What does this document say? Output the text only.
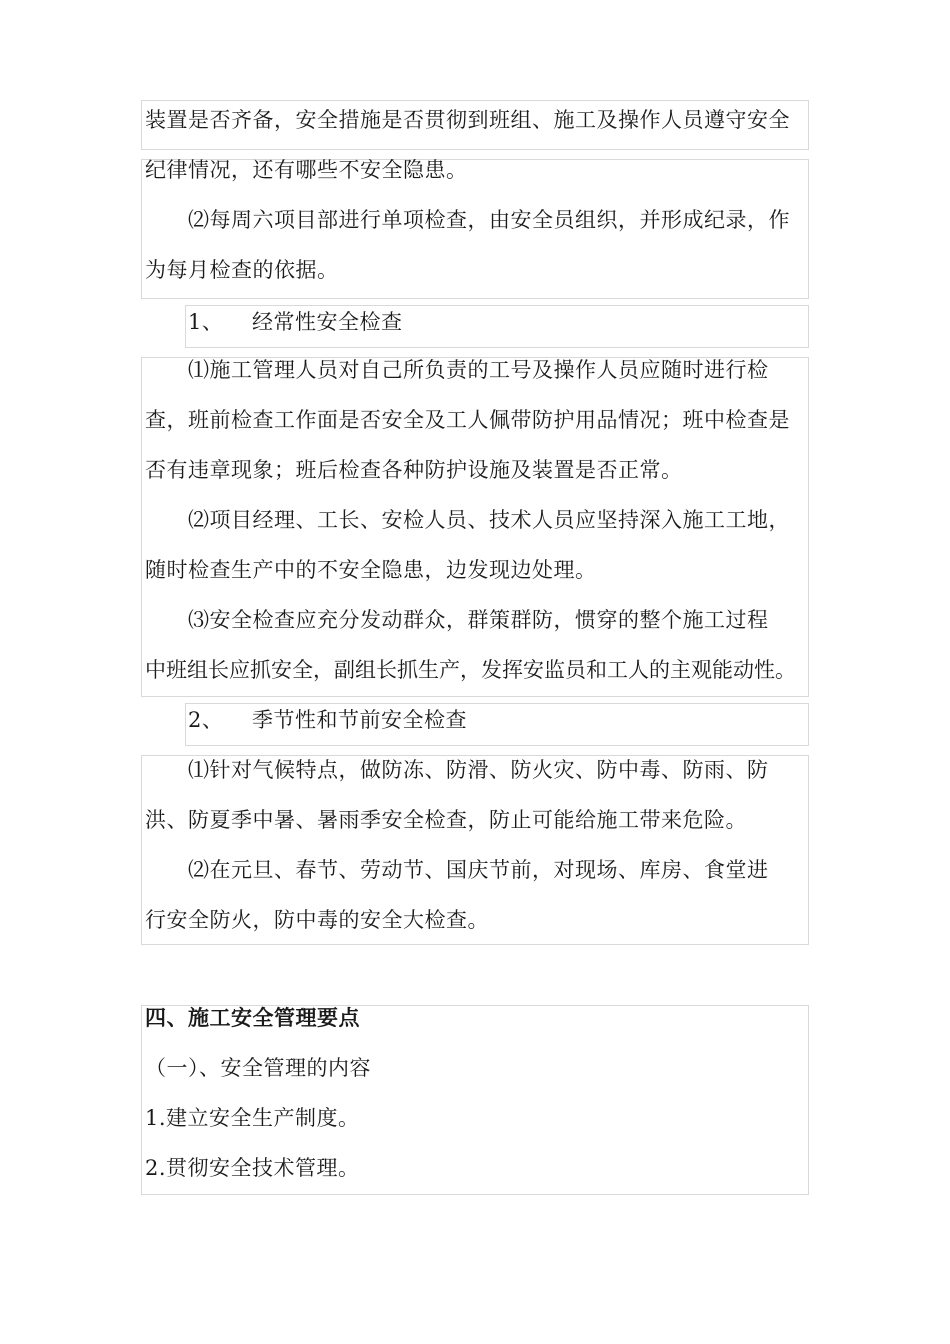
装置是否齐备，安全措施是否贯彻到班组、施工及操作人员遵守安全
纪律情况，还有哪些不安全隐患。
⑵每周六项目部进行单项检查，由安全员组织，并形成纪录，作
为每月检查的依据。
1、 经常性安全检查
⑴施工管理人员对自己所负责的工号及操作人员应随时进行检
查，班前检查工作面是否安全及工人佩带防护用品情况；班中检查是
否有违章现象；班后检查各种防护设施及装置是否正常。
⑵项目经理、工长、安检人员、技术人员应坚持深入施工工地，
随时检查生产中的不安全隐患，边发现边处理。
⑶安全检查应充分发动群众，群策群防，惯穿的整个施工过程
中班组长应抓安全，副组长抓生产，发挥安监员和工人的主观能动性。
2、 季节性和节前安全检查
⑴针对气候特点，做防冻、防滑、防火灾、防中毒、防雨、防
洪、防夏季中暑、暑雨季安全检查，防止可能给施工带来危险。
⑵在元旦、春节、劳动节、国庆节前，对现场、库房、食堂进
行安全防火，防中毒的安全大检查。
四、施工安全管理要点
（一）、安全管理的内容
1.建立安全生产制度。
2.贯彻安全技术管理。
